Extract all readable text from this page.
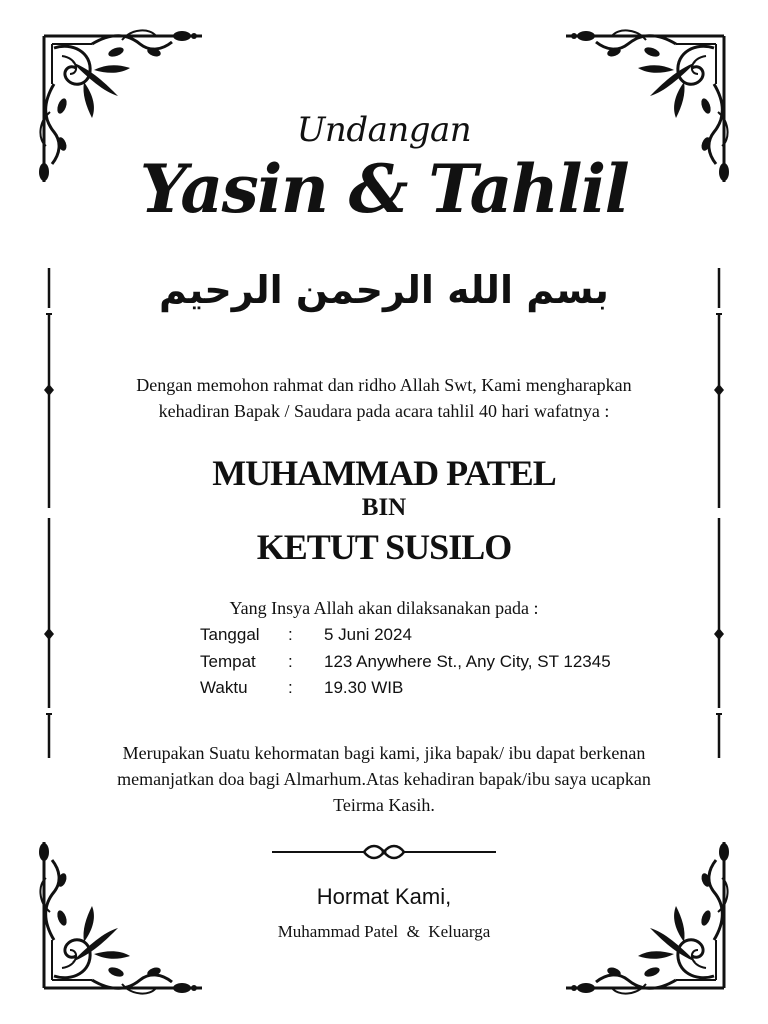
Undangan
Yasin & Tahlil
بسم الله الرحمن الرحيم
Dengan memohon rahmat dan ridho Allah Swt, Kami mengharapkan
kehadiran Bapak / Saudara pada acara tahlil 40 hari wafatnya :
MUHAMMAD PATEL
BIN
KETUT SUSILO
Yang Insya Allah akan dilaksanakan pada :
Tanggal : 5 Juni 2024
Tempat : 123 Anywhere St., Any City, ST 12345
Waktu : 19.30 WIB
Merupakan Suatu kehormatan bagi kami, jika bapak/ ibu dapat berkenan
memanjatkan doa bagi Almarhum.Atas kehadiran bapak/ibu saya ucapkan
Teirma Kasih.
Hormat Kami,
Muhammad Patel  &  Keluarga
